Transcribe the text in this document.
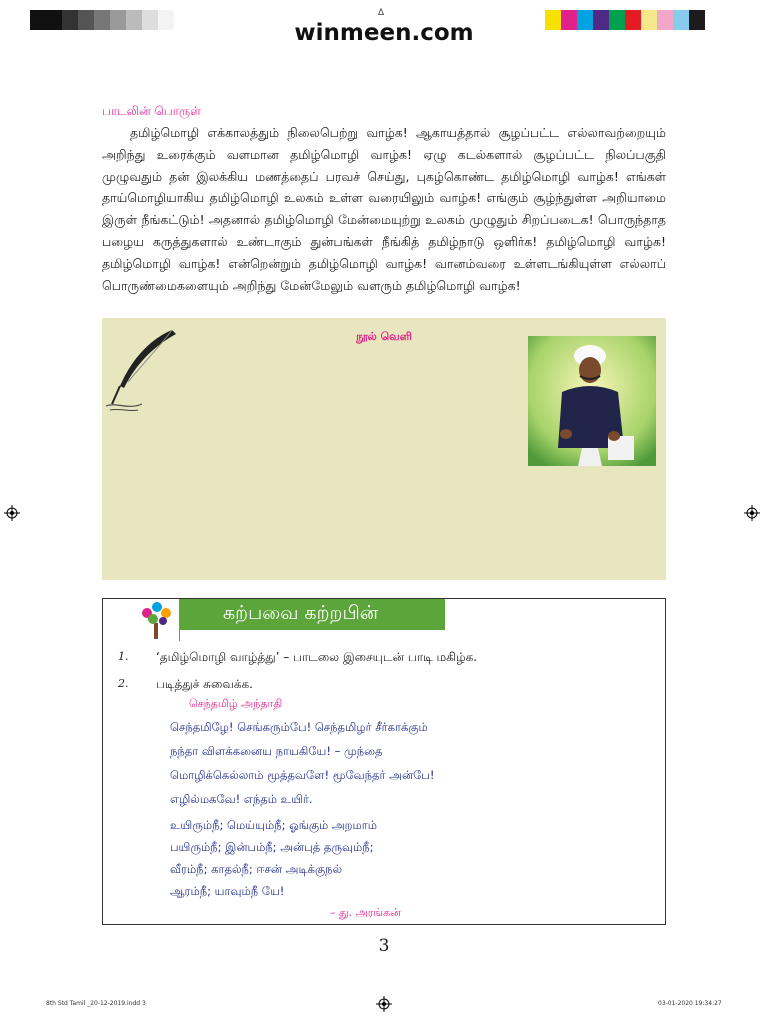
∆
winmeen.com
பாடலின் பொருள்

தமிழ்மொழி எக்காலத்தும் நிலைபெற்று வாழ்க! ஆகாயத்தால் சூழப்பட்ட எல்லாவற்றையும் அறிந்து உரைக்கும் வளமான தமிழ்மொழி வாழ்க! ஏழு கடல்களால் சூழப்பட்ட நிலப்பகுதி முழுவதும் தன் இலக்கிய மணத்தைப் பரவச் செய்து, புகழ்கொண்ட தமிழ்மொழி வாழ்க! எங்கள் தாய்மொழியாகிய தமிழ்மொழி உலகம் உள்ள வரையிலும் வாழ்க! எங்கும் சூழ்ந்துள்ள அறியாமை இருள் நீங்கட்டும்! அதனால் தமிழ்மொழி மேன்மையுற்று உலகம் முழுதும் சிறப்படைக! பொருந்தாத பழைய கருத்துகளால் உண்டாகும் துன்பங்கள் நீங்கித் தமிழ்நாடு ஒளிர்க! தமிழ்மொழி வாழ்க! தமிழ்மொழி வாழ்க! என்றென்றும் தமிழ்மொழி வாழ்க! வானம்வரை உள்ளடங்கியுள்ள எல்லாப் பொருண்மைகளையும் அறிந்து மேன்மேலும் வளரும் தமிழ்மொழி வாழ்க!

நூல் வெளி
கற்பவை கற்றபின்
1. ‘தமிழ்மொழி வாழ்த்து’ – பாடலை இசையுடன் பாடி மகிழ்க.
2. படித்துச் சுவைக்க.
செந்தமிழ் அந்தாதி
செந்தமிழே! செங்கரும்பே! செந்தமிழர் சீர்காக்கும்
நந்தா விளக்கனைய நாயகியே! – முந்தை
மொழிக்கெல்லாம் மூத்தவளே! மூவேந்தர் அன்பே!
எழில்மகவே! எந்தம் உயிர்.
உயிரும்நீ; மெய்யும்நீ; ஓங்கும் அறமாம்
பயிரும்நீ; இன்பம்நீ; அன்புத் தருவும்நீ;
வீரம்நீ; காதல்நீ; ஈசன் அடிக்குநல்
ஆரம்நீ; யாவும்நீ யே!
– து. அரங்கன்
3
8th Std Tamil _20-12-2019.indd 3	03-01-2020 19:34:27
